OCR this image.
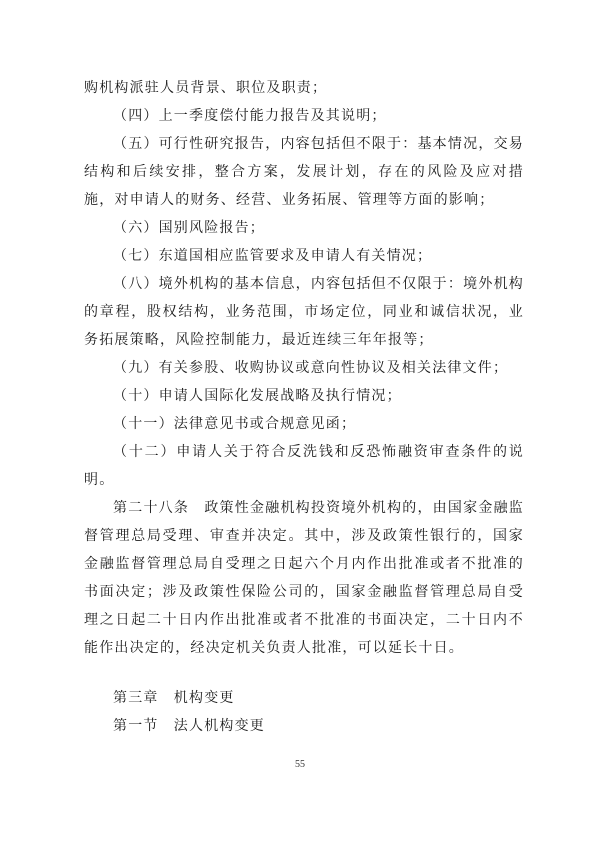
购机构派驻人员背景、职位及职责；

（四）上一季度偿付能力报告及其说明；

（五）可行性研究报告，内容包括但不限于：基本情况，交易结构和后续安排，整合方案，发展计划，存在的风险及应对措施，对申请人的财务、经营、业务拓展、管理等方面的影响；

（六）国别风险报告；

（七）东道国相应监管要求及申请人有关情况；

（八）境外机构的基本信息，内容包括但不仅限于：境外机构的章程，股权结构，业务范围，市场定位，同业和诚信状况，业务拓展策略，风险控制能力，最近连续三年年报等；

（九）有关参股、收购协议或意向性协议及相关法律文件；

（十）申请人国际化发展战略及执行情况；

（十一）法律意见书或合规意见函；

（十二）申请人关于符合反洗钱和反恐怖融资审查条件的说明。

第二十八条　政策性金融机构投资境外机构的，由国家金融监督管理总局受理、审查并决定。其中，涉及政策性银行的，国家金融监督管理总局自受理之日起六个月内作出批准或者不批准的书面决定；涉及政策性保险公司的，国家金融监督管理总局自受理之日起二十日内作出批准或者不批准的书面决定，二十日内不能作出决定的，经决定机关负责人批准，可以延长十日。

第三章　机构变更

第一节　法人机构变更

55
